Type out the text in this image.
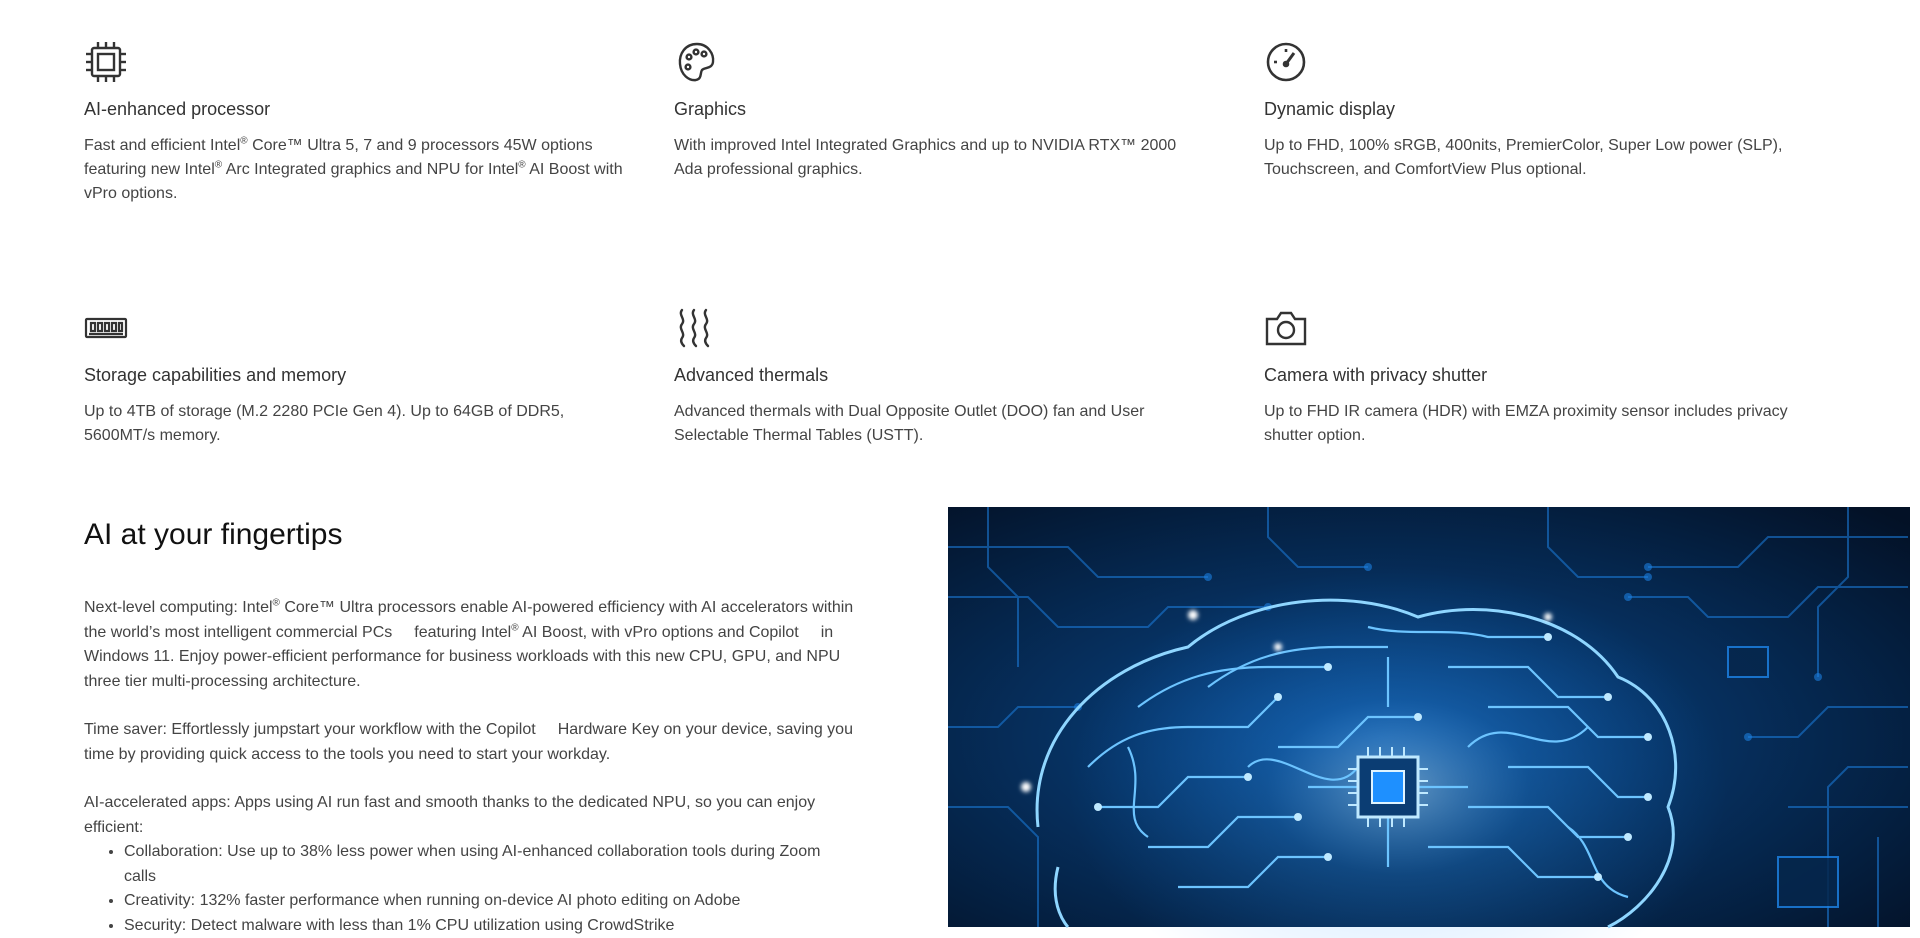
AI-enhanced processor

Fast and efficient Intel® Core™ Ultra 5, 7 and 9 processors 45W options featuring new Intel® Arc Integrated graphics and NPU for Intel® AI Boost with vPro options.

Graphics

With improved Intel Integrated Graphics and up to NVIDIA RTX™ 2000 Ada professional graphics.

Dynamic display

Up to FHD, 100% sRGB, 400nits, PremierColor, Super Low power (SLP), Touchscreen, and ComfortView Plus optional.

Storage capabilities and memory

Up to 4TB of storage (M.2 2280 PCIe Gen 4). Up to 64GB of DDR5, 5600MT/s memory.

Advanced thermals

Advanced thermals with Dual Opposite Outlet (DOO) fan and User Selectable Thermal Tables (USTT).

Camera with privacy shutter

Up to FHD IR camera (HDR) with EMZA proximity sensor includes privacy shutter option.

AI at your fingertips

Next-level computing: Intel® Core™ Ultra processors enable AI-powered efficiency with AI accelerators within the world’s most intelligent commercial PCs featuring Intel® AI Boost, with vPro options and Copilot in Windows 11. Enjoy power-efficient performance for business workloads with this new CPU, GPU, and NPU three tier multi-processing architecture.

Time saver: Effortlessly jumpstart your workflow with the Copilot Hardware Key on your device, saving you time by providing quick access to the tools you need to start your workday.

AI-accelerated apps: Apps using AI run fast and smooth thanks to the dedicated NPU, so you can enjoy efficient:

• Collaboration: Use up to 38% less power when using AI-enhanced collaboration tools during Zoom calls
• Creativity: 132% faster performance when running on-device AI photo editing on Adobe
• Security: Detect malware with less than 1% CPU utilization using CrowdStrike
